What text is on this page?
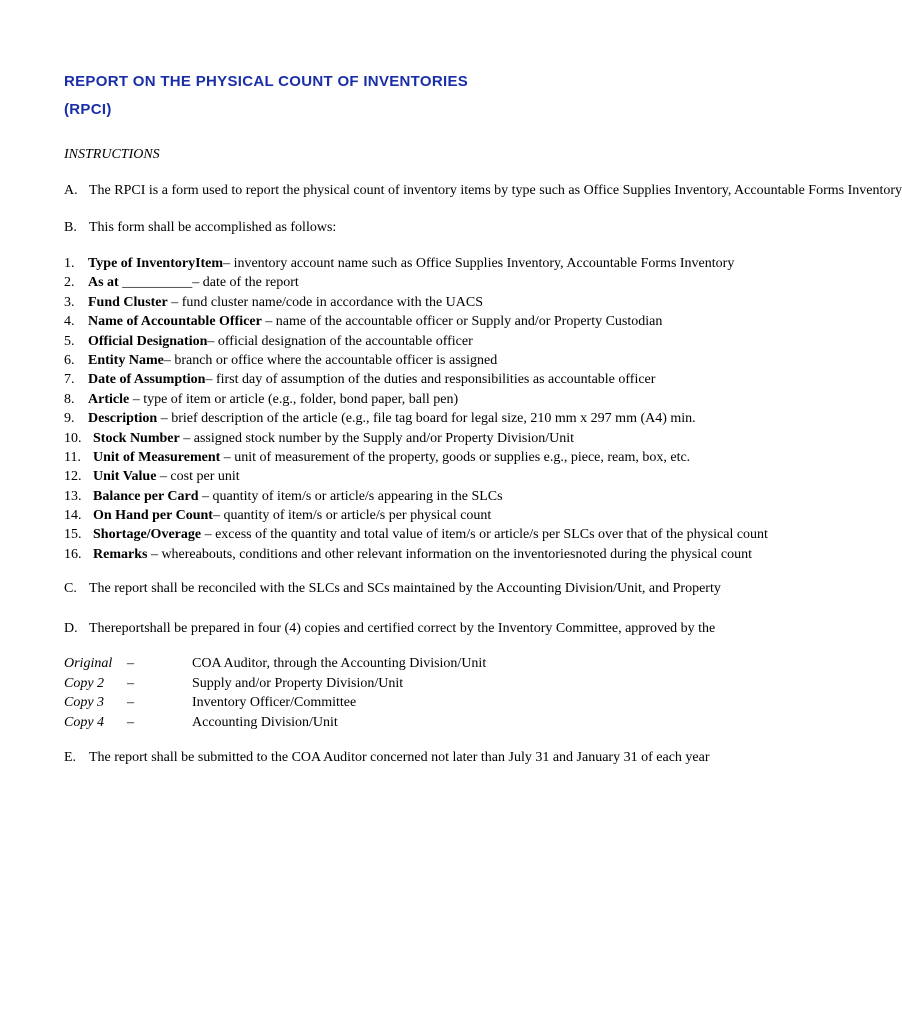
REPORT ON THE PHYSICAL COUNT OF INVENTORIES
(RPCI)
INSTRUCTIONS
A. The RPCI is a form used to report the physical count of inventory items by type such as Office Supplies Inventory, Accountable Forms Inventory
B. This form shall be accomplished as follows:
1. Type of InventoryItem– inventory account name such as Office Supplies Inventory, Accountable Forms Inventory
2. As at __________– date of the report
3. Fund Cluster – fund cluster name/code in accordance with the UACS
4. Name of Accountable Officer – name of the accountable officer or Supply and/or Property Custodian
5. Official Designation– official designation of the accountable officer
6. Entity Name– branch or office where the accountable officer is assigned
7. Date of Assumption– first day of assumption of the duties and responsibilities as accountable officer
8. Article – type of item or article (e.g., folder, bond paper, ball pen)
9. Description – brief description of the article (e.g., file tag board for legal size, 210 mm x 297 mm (A4) min.
10. Stock Number – assigned stock number by the Supply and/or Property Division/Unit
11. Unit of Measurement – unit of measurement of the property, goods or supplies e.g., piece, ream, box, etc.
12. Unit Value – cost per unit
13. Balance per Card – quantity of item/s or article/s appearing in the SLCs
14. On Hand per Count– quantity of item/s or article/s per physical count
15. Shortage/Overage – excess of the quantity and total value of item/s or article/s per SLCs over that of the physical count
16. Remarks – whereabouts, conditions and other relevant information on the inventoriesnoted during the physical count
C. The report shall be reconciled with the SLCs and SCs maintained by the Accounting Division/Unit, and Property
D. Thereportshall be prepared in four (4) copies and certified correct by the Inventory Committee, approved by the
Original –	COA Auditor, through the Accounting Division/Unit
Copy 2 –	Supply and/or Property Division/Unit
Copy 3 –	Inventory Officer/Committee
Copy 4 –	Accounting Division/Unit
E. The report shall be submitted to the COA Auditor concerned not later than July 31 and January 31 of each year
